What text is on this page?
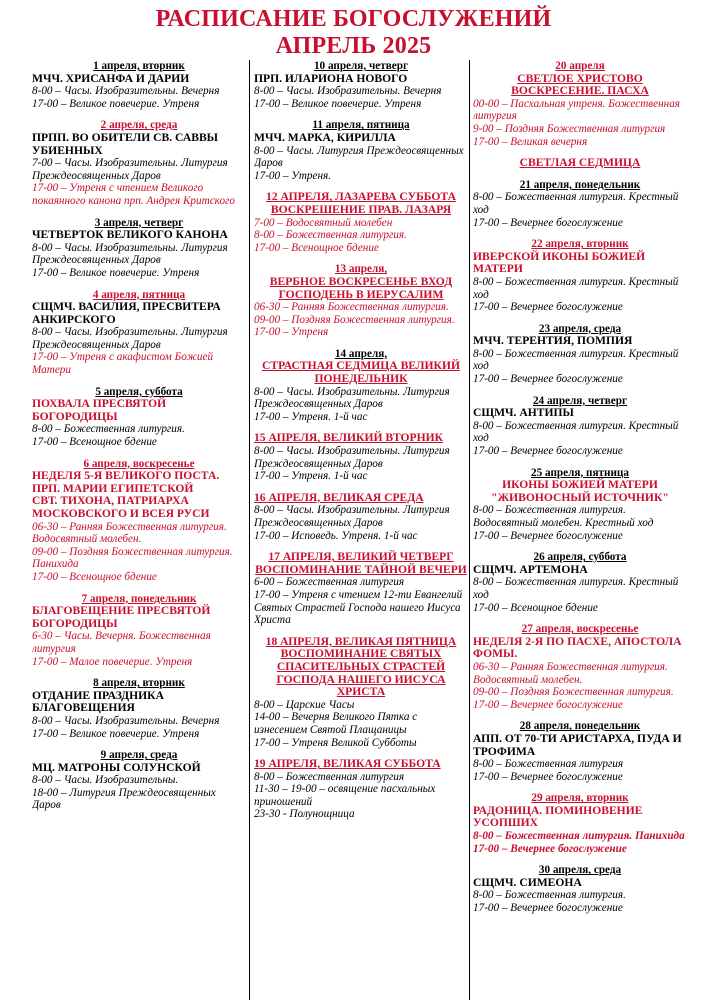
РАСПИСАНИЕ БОГОСЛУЖЕНИЙ
АПРЕЛЬ 2025
1 апреля, вторник
МЧЧ. ХРИСАНФА И ДАРИИ
8-00 – Часы. Изобразительны. Вечерня
17-00 – Великое повечерие. Утреня
2 апреля, среда
ПРПП. ВО ОБИТЕЛИ СВ. САВВЫ УБИЕННЫХ
7-00 – Часы. Изобразительны. Литургия Преждеосвященных Даров
17-00 – Утреня с чтением Великого покаянного канона прп. Андрея Критского
3 апреля, четверг
ЧЕТВЕРТОК ВЕЛИКОГО КАНОНА
8-00 – Часы. Изобразительны. Литургия Преждеосвященных Даров
17-00 – Великое повечерие. Утреня
4 апреля, пятница
СЩМЧ. ВАСИЛИЯ, ПРЕСВИТЕРА АНКИРСКОГО
8-00 – Часы. Изобразительны. Литургия Преждеосвященных Даров
17-00 – Утреня с акафистом Божией Матери
5 апреля, суббота
ПОХВАЛА ПРЕСВЯТОЙ БОГОРОДИЦЫ
8-00 – Божественная литургия.
17-00 – Всенощное бдение
6 апреля, воскресенье
НЕДЕЛЯ 5-Я ВЕЛИКОГО ПОСТА. ПРП. МАРИИ ЕГИПЕТСКОЙ
СВТ. ТИХОНА, ПАТРИАРХА МОСКОВСКОГО И ВСЕЯ РУСИ
06-30 – Ранняя Божественная литургия. Водосвятный молебен.
09-00 – Поздняя Божественная литургия. Панихида
17-00 – Всенощное бдение
7 апреля, понедельник
БЛАГОВЕЩЕНИЕ ПРЕСВЯТОЙ БОГОРОДИЦЫ
6-30 – Часы. Вечерня. Божественная литургия
17-00 – Малое повечерие. Утреня
8 апреля, вторник
ОТДАНИЕ ПРАЗДНИКА БЛАГОВЕЩЕНИЯ
8-00 – Часы. Изобразительны. Вечерня
17-00 – Великое повечерие. Утреня
9 апреля, среда
МЦ. МАТРОНЫ СОЛУНСКОЙ
8-00 – Часы. Изобразительны.
18-00 – Литургия Преждеосвященных Даров
10 апреля, четверг
ПРП. ИЛАРИОНА НОВОГО
8-00 – Часы. Изобразительны. Вечерня
17-00 – Великое повечерие. Утреня
11 апреля, пятница
МЧЧ. МАРКА, КИРИЛЛА
8-00 – Часы. Литургия Преждеосвященных Даров
17-00 – Утреня.
12 АПРЕЛЯ, ЛАЗАРЕВА СУББОТА ВОСКРЕШЕНИЕ ПРАВ. ЛАЗАРЯ
7-00 – Водосвятный молебен
8-00 – Божественная литургия.
17-00 – Всенощное бдение
13 апреля,
ВЕРБНОЕ ВОСКРЕСЕНЬЕ ВХОД ГОСПОДЕНЬ В ИЕРУСАЛИМ
06-30 – Ранняя Божественная литургия.
09-00 – Поздняя Божественная литургия.
17-00 – Утреня
14 апреля,
СТРАСТНАЯ СЕДМИЦА ВЕЛИКИЙ ПОНЕДЕЛЬНИК
8-00 – Часы. Изобразительны. Литургия Преждеосвященных Даров
17-00 – Утреня. 1-й час
15 АПРЕЛЯ, ВЕЛИКИЙ ВТОРНИК
8-00 – Часы. Изобразительны. Литургия Преждеосвященных Даров
17-00 – Утреня. 1-й час
16 АПРЕЛЯ, ВЕЛИКАЯ СРЕДА
8-00 – Часы. Изобразительны. Литургия Преждеосвященных Даров
17-00 – Исповедь. Утреня. 1-й час
17 АПРЕЛЯ, ВЕЛИКИЙ ЧЕТВЕРГ ВОСПОМИНАНИЕ ТАЙНОЙ ВЕЧЕРИ
6-00 – Божественная литургия
17-00 – Утреня с чтением 12-ти Евангелий Святых Страстей Господа нашего Иисуса Христа
18 АПРЕЛЯ, ВЕЛИКАЯ ПЯТНИЦА ВОСПОМИНАНИЕ СВЯТЫХ СПАСИТЕЛЬНЫХ СТРАСТЕЙ ГОСПОДА НАШЕГО ИИСУСА ХРИСТА
8-00 – Царские Часы
14-00 – Вечерня Великого Пятка с изнесением Святой Плащаницы
17-00 – Утреня Великой Субботы
19 АПРЕЛЯ, ВЕЛИКАЯ СУББОТА
8-00 – Божественная литургия
11-30 – 19-00 – освящение пасхальных приношений
23-30 - Полунощница
20 апреля
СВЕТЛОЕ ХРИСТОВО ВОСКРЕСЕНИЕ. ПАСХА
00-00 – Пасхальная утреня. Божественная литургия
9-00 – Поздняя Божественная литургия
17-00 – Великая вечерня
СВЕТЛАЯ СЕДМИЦА
21 апреля, понедельник
8-00 – Божественная литургия. Крестный ход
17-00 – Вечернее богослужение
22 апреля, вторник
ИВЕРСКОЙ ИКОНЫ БОЖИЕЙ МАТЕРИ
8-00 – Божественная литургия. Крестный ход
17-00 – Вечернее богослужение
23 апреля, среда
МЧЧ. ТЕРЕНТИЯ, ПОМПИЯ
8-00 – Божественная литургия. Крестный ход
17-00 – Вечернее богослужение
24 апреля, четверг
СЩМЧ. АНТИПЫ
8-00 – Божественная литургия. Крестный ход
17-00 – Вечернее богослужение
25 апреля, пятница
ИКОНЫ БОЖИЕЙ МАТЕРИ "ЖИВОНОСНЫЙ ИСТОЧНИК"
8-00 – Божественная литургия. Водосвятный молебен. Крестный ход
17-00 – Вечернее богослужение
26 апреля, суббота
СЩМЧ. АРТЕМОНА
8-00 – Божественная литургия. Крестный ход
17-00 – Всенощное бдение
27 апреля, воскресенье
НЕДЕЛЯ 2-Я ПО ПАСХЕ, АПОСТОЛА ФОМЫ.
06-30 – Ранняя Божественная литургия. Водосвятный молебен.
09-00 – Поздняя Божественная литургия.
17-00 – Вечернее богослужение
28 апреля, понедельник
АПП. ОТ 70-ТИ АРИСТАРХА, ПУДА И ТРОФИМА
8-00 – Божественная литургия
17-00 – Вечернее богослужение
29 апреля, вторник
РАДОНИЦА. ПОМИНОВЕНИЕ УСОПШИХ
8-00 – Божественная литургия. Панихида
17-00 – Вечернее богослужение
30 апреля, среда
СЩМЧ. СИМЕОНА
8-00 – Божественная литургия.
17-00 – Вечернее богослужение
